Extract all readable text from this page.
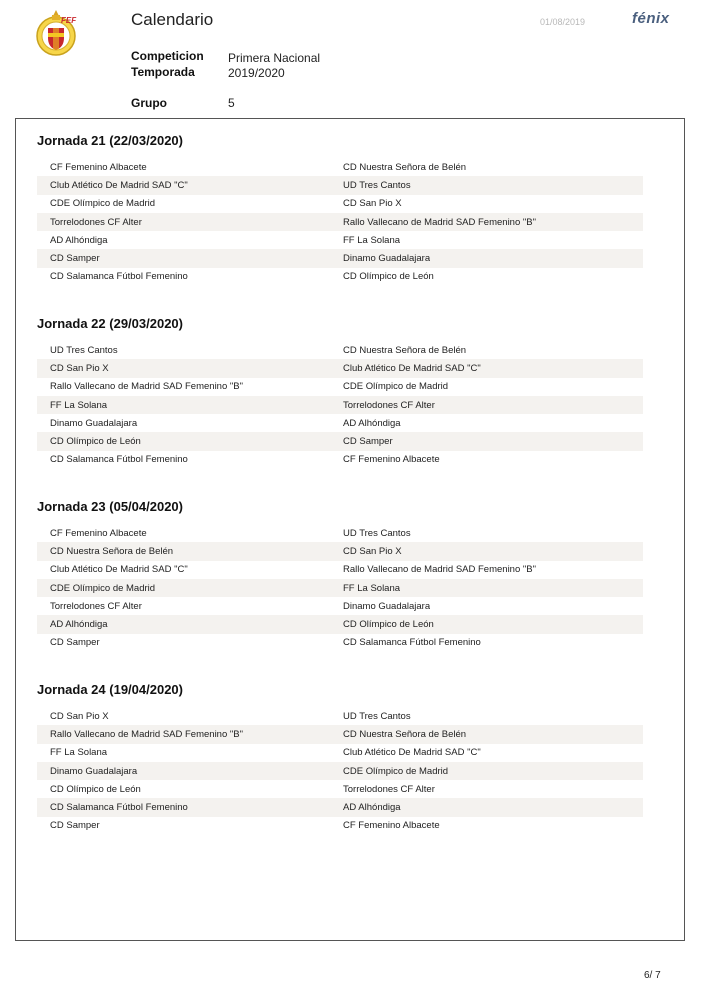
FEF	Calendario	01/08/2019	fénix
Competicion Primera Nacional
Temporada	2019/2020
Grupo	5
Jornada 21 (22/03/2020)
CF Femenino Albacete	CD Nuestra Señora de Belén
Club Atlético De Madrid SAD "C"	UD Tres Cantos
CDE Olímpico de Madrid	CD San Pio X
Torrelodones CF Alter	Rallo Vallecano de Madrid SAD Femenino "B"
AD Alhóndiga	FF La Solana
CD Samper	Dinamo Guadalajara
CD Salamanca Fútbol Femenino	CD Olímpico de León
Jornada 22 (29/03/2020)
UD Tres Cantos	CD Nuestra Señora de Belén
CD San Pio X	Club Atlético De Madrid SAD "C"
Rallo Vallecano de Madrid SAD Femenino "B"	CDE Olímpico de Madrid
FF La Solana	Torrelodones CF Alter
Dinamo Guadalajara	AD Alhóndiga
CD Olímpico de León	CD Samper
CD Salamanca Fútbol Femenino	CF Femenino Albacete
Jornada 23 (05/04/2020)
CF Femenino Albacete	UD Tres Cantos
CD Nuestra Señora de Belén	CD San Pio X
Club Atlético De Madrid SAD "C"	Rallo Vallecano de Madrid SAD Femenino "B"
CDE Olímpico de Madrid	FF La Solana
Torrelodones CF Alter	Dinamo Guadalajara
AD Alhóndiga	CD Olímpico de León
CD Samper	CD Salamanca Fútbol Femenino
Jornada 24 (19/04/2020)
CD San Pio X	UD Tres Cantos
Rallo Vallecano de Madrid SAD Femenino "B"	CD Nuestra Señora de Belén
FF La Solana	Club Atlético De Madrid SAD "C"
Dinamo Guadalajara	CDE Olímpico de Madrid
CD Olímpico de León	Torrelodones CF Alter
CD Salamanca Fútbol Femenino	AD Alhóndiga
CD Samper	CF Femenino Albacete
6/ 7
